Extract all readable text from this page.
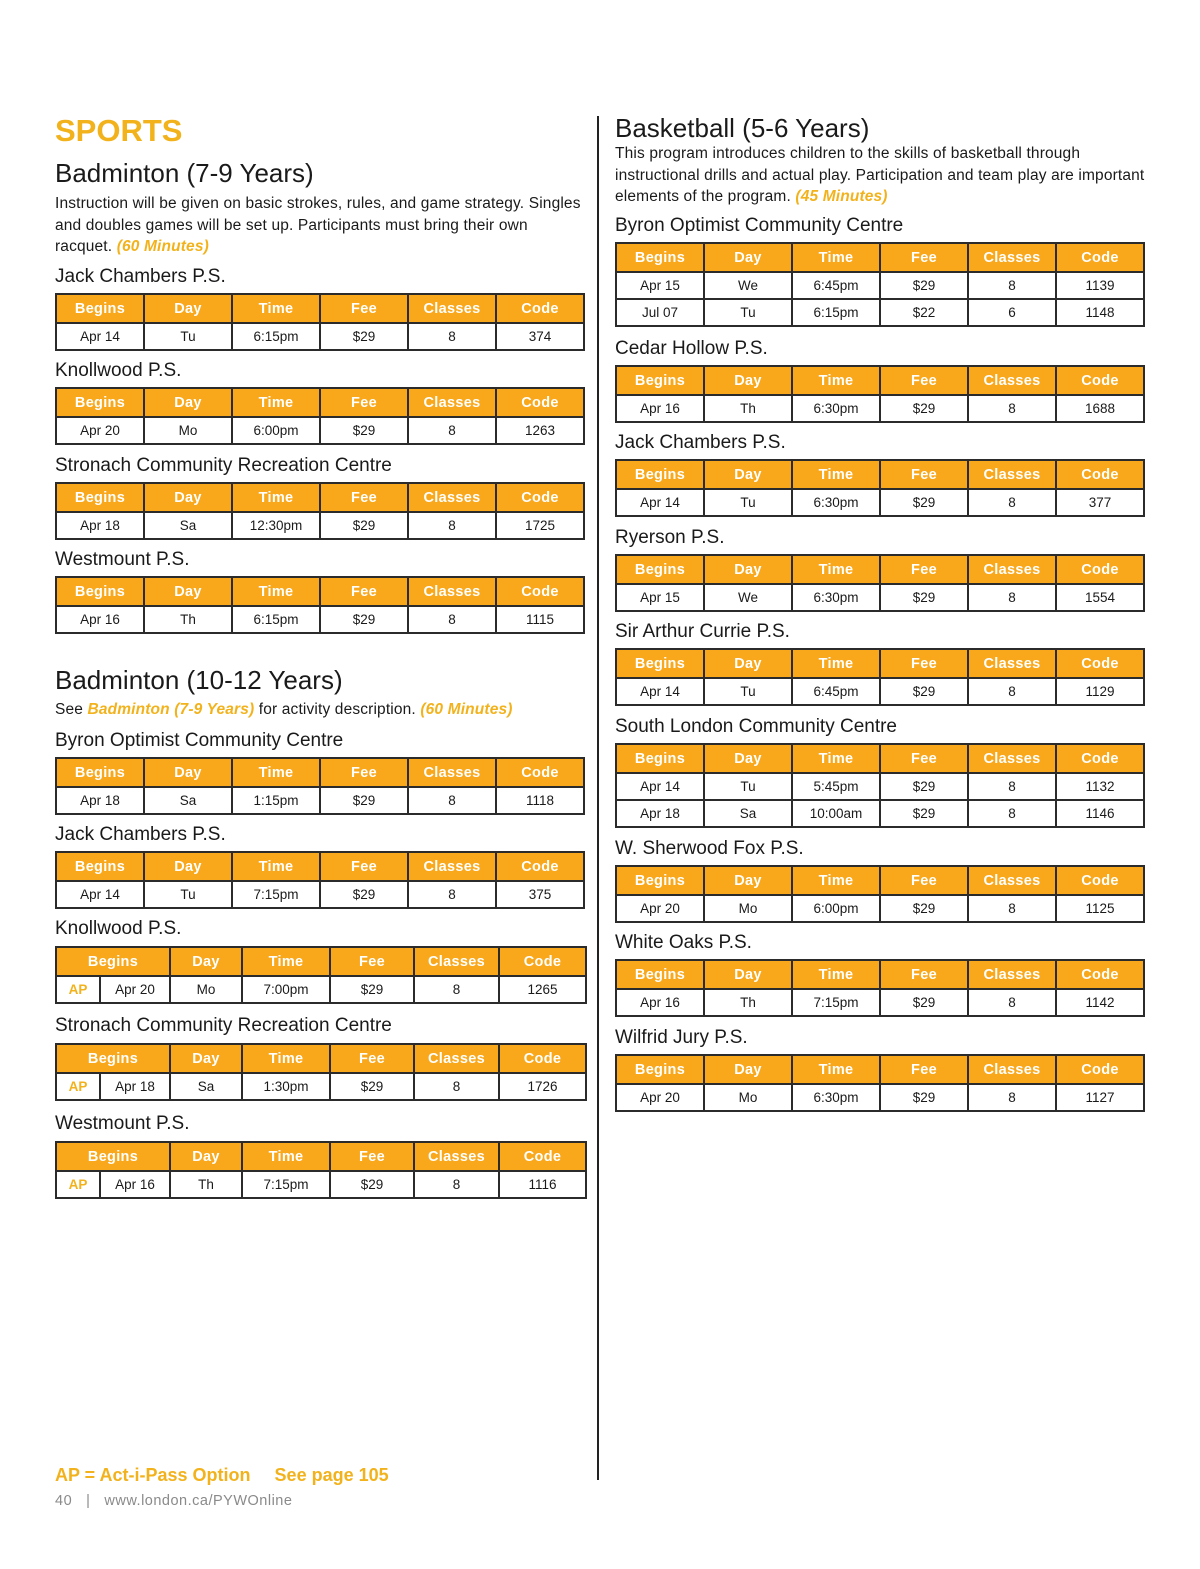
SPORTS
Badminton (7-9 Years)

Instruction will be given on basic strokes, rules, and game strategy. Singles and doubles games will be set up. Participants must bring their own racquet. (60 Minutes)

Jack Chambers P.S.
Begins	Day	Time	Fee	Classes	Code
Apr 14	Tu	6:15pm	$29	8	374
Knollwood P.S.
Begins	Day	Time	Fee	Classes	Code
Apr 20	Mo	6:00pm	$29	8	1263
Stronach Community Recreation Centre
Begins	Day	Time	Fee	Classes	Code
Apr 18	Sa	12:30pm	$29	8	1725
Westmount P.S.
Begins	Day	Time	Fee	Classes	Code
Apr 16	Th	6:15pm	$29	8	1115
Badminton (10-12 Years)

See Badminton (7-9 Years) for activity description. (60 Minutes)

Byron Optimist Community Centre
Begins	Day	Time	Fee	Classes	Code
Apr 18	Sa	1:15pm	$29	8	1118
Jack Chambers P.S.
Begins	Day	Time	Fee	Classes	Code
Apr 14	Tu	7:15pm	$29	8	375
Knollwood P.S.
Begins		Day	Time	Fee	Classes	Code
AP	Apr 20	Mo	7:00pm	$29	8	1265
Stronach Community Recreation Centre
Begins		Day	Time	Fee	Classes	Code
AP	Apr 18	Sa	1:30pm	$29	8	1726
Westmount P.S.
Begins		Day	Time	Fee	Classes	Code
AP	Apr 16	Th	7:15pm	$29	8	1116
Basketball (5-6 Years)

This program introduces children to the skills of basketball through instructional drills and actual play. Participation and team play are important elements of the program. (45 Minutes)

Byron Optimist Community Centre
Begins	Day	Time	Fee	Classes	Code
Apr 15	We	6:45pm	$29	8	1139
Jul 07	Tu	6:15pm	$22	6	1148
Cedar Hollow P.S.
Begins	Day	Time	Fee	Classes	Code
Apr 16	Th	6:30pm	$29	8	1688
Jack Chambers P.S.
Begins	Day	Time	Fee	Classes	Code
Apr 14	Tu	6:30pm	$29	8	377
Ryerson P.S.
Begins	Day	Time	Fee	Classes	Code
Apr 15	We	6:30pm	$29	8	1554
Sir Arthur Currie P.S.
Begins	Day	Time	Fee	Classes	Code
Apr 14	Tu	6:45pm	$29	8	1129
South London Community Centre
Begins	Day	Time	Fee	Classes	Code
Apr 14	Tu	5:45pm	$29	8	1132
Apr 18	Sa	10:00am	$29	8	1146
W. Sherwood Fox P.S.
Begins	Day	Time	Fee	Classes	Code
Apr 20	Mo	6:00pm	$29	8	1125
White Oaks P.S.
Begins	Day	Time	Fee	Classes	Code
Apr 16	Th	7:15pm	$29	8	1142
Wilfrid Jury P.S.
Begins	Day	Time	Fee	Classes	Code
Apr 20	Mo	6:30pm	$29	8	1127
AP = Act-i-Pass Option See page 105
40 | www.london.ca/PYWOnline
